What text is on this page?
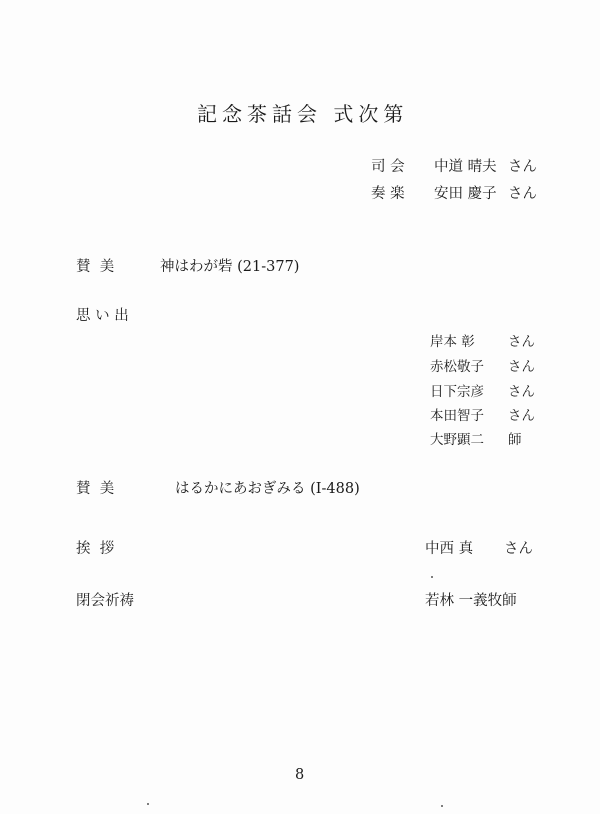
記念茶話会 式次第
司 会 中道 晴夫 さん
奏 楽 安田 慶子 さん
賛  美	神はわが砦 (21-377)
思 い 出
岸本 彰 さん
赤松敬子 さん
日下宗彦 さん
本田智子 さん
大野顕二 師
賛  美	はるかにあおぎみる (Ⅰ-488)
挨  拶	中西 真 さん
閉会祈祷	若林 一義牧師
8
